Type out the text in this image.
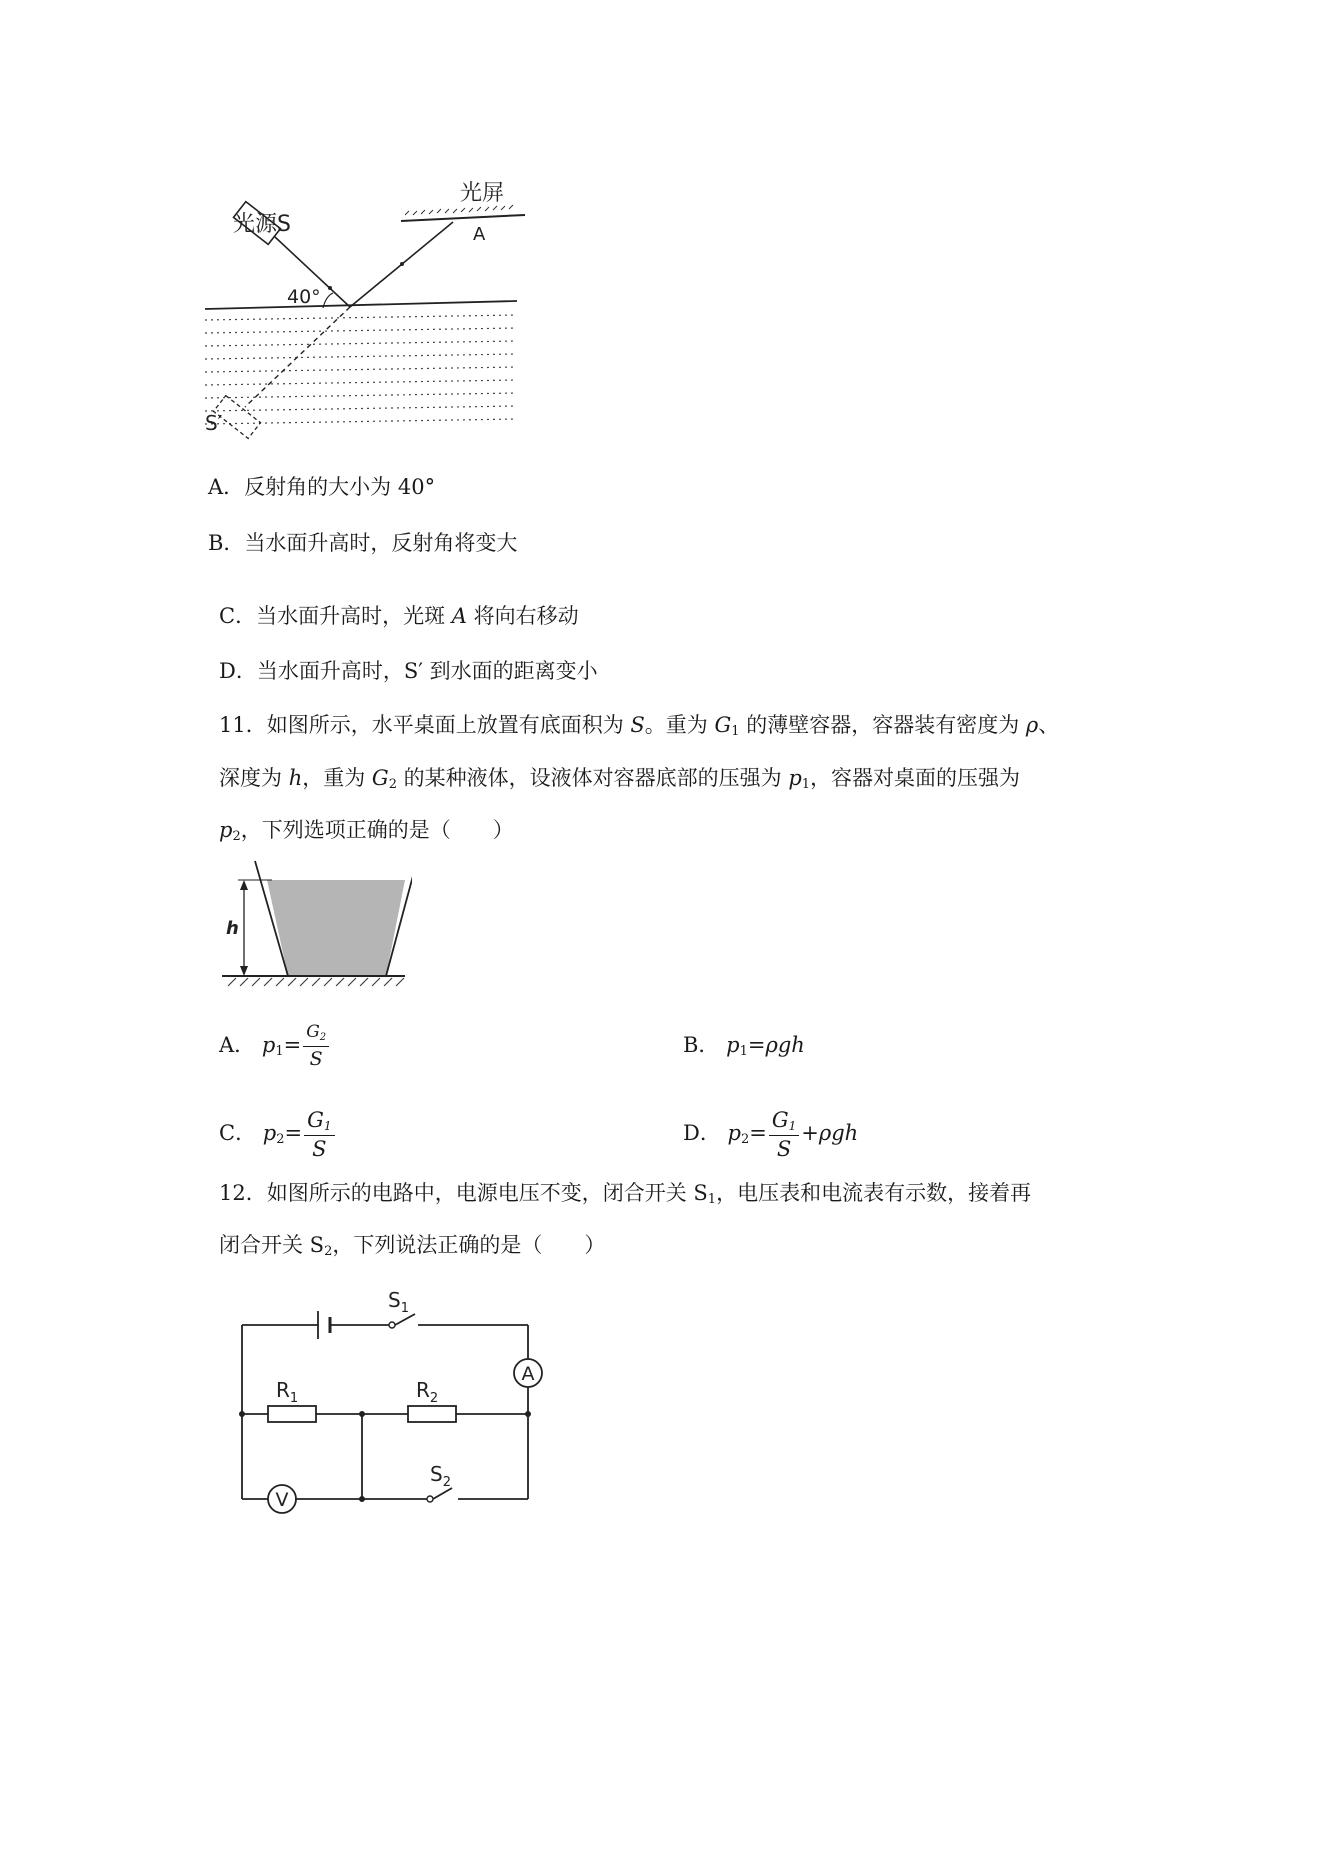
光屏
A
光源S
40°
S′
A．反射角的大小为 40°
B．当水面升高时，反射角将变大
C．当水面升高时，光斑 A 将向右移动
D．当水面升高时，S′ 到水面的距离变小
11．如图所示，水平桌面上放置有底面积为 S。重为 $G_1$ 的薄壁容器，容器装有密度为 ρ、
深度为 h，重为 $G_2$ 的某种液体，设液体对容器底部的压强为 $p_1$，容器对桌面的压强为
$p_2$，下列选项正确的是（　　）
h
A． $p_1= \frac{G_2}{S}$	B． $p_1=\rho gh$
C． $p_2= \frac{G_1}{S}$	D． $p_2= \frac{G_1}{S} +\rho gh$
12．如图所示的电路中，电源电压不变，闭合开关 $S_1$，电压表和电流表有示数，接着再
闭合开关 $S_2$，下列说法正确的是（　　）
A
V
$S_1$
$S_2$
$R_1$	$R_2$
